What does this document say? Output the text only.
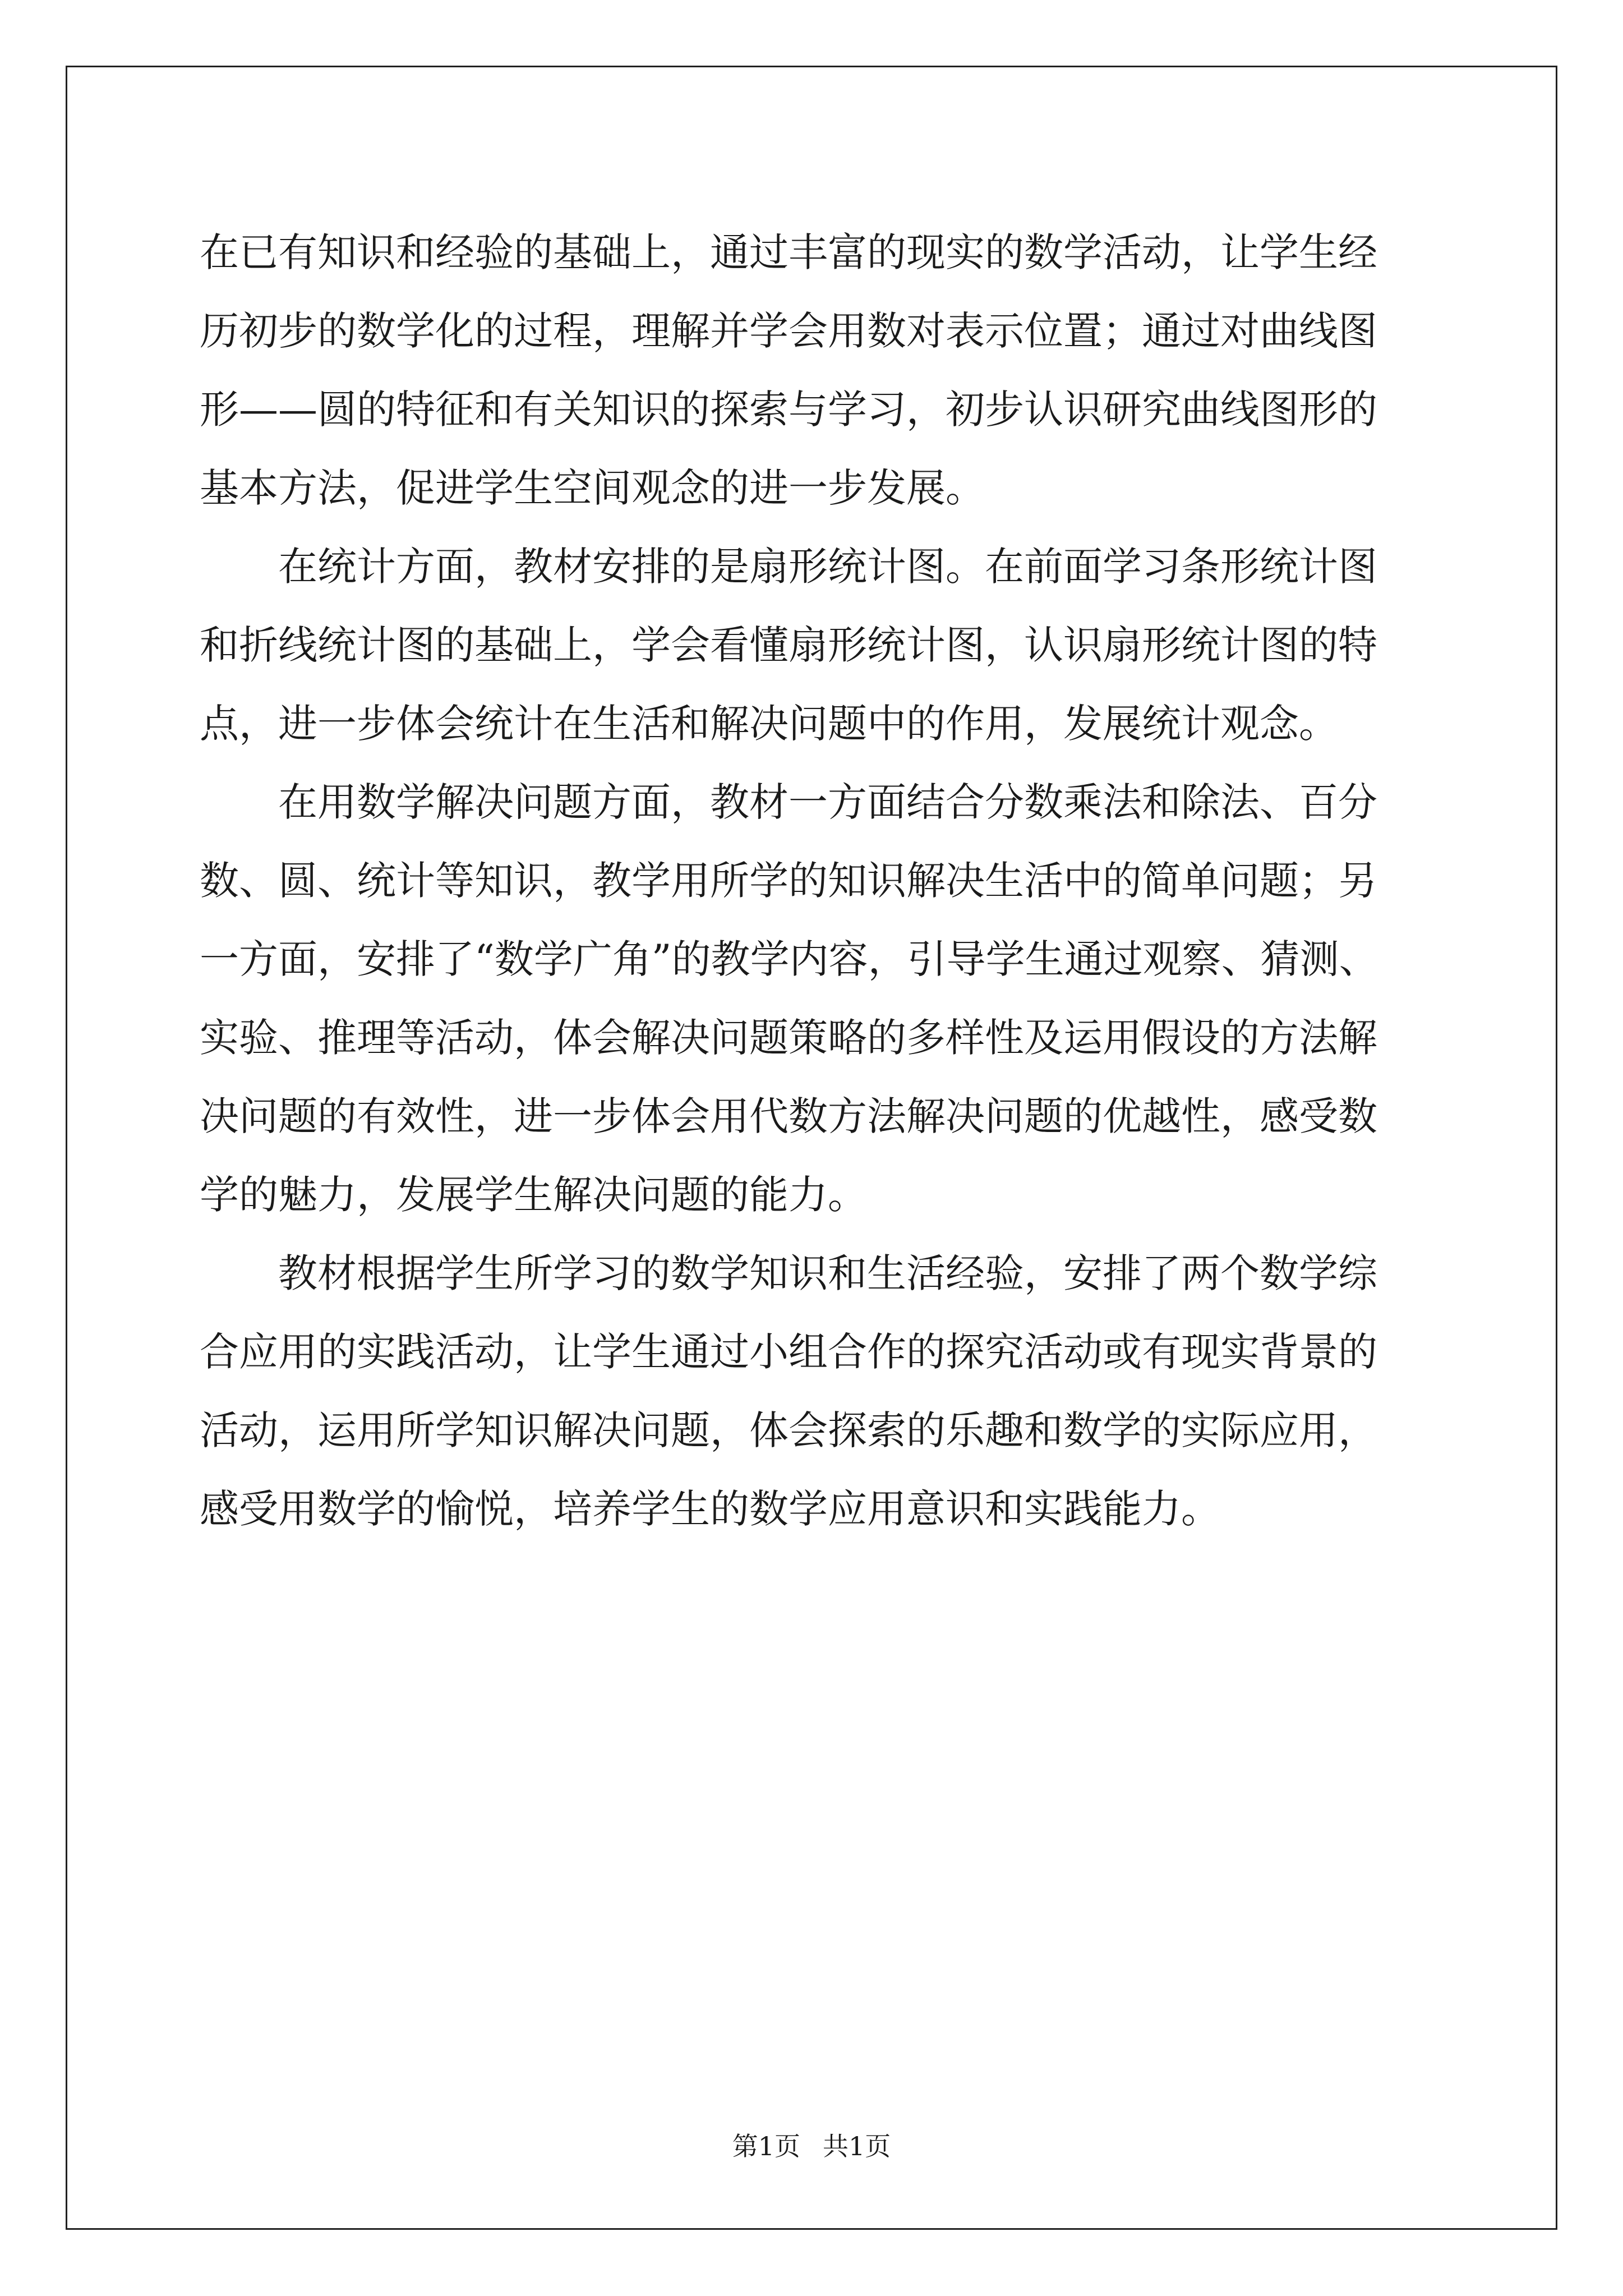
在已有知识和经验的基础上，通过丰富的现实的数学活动，让学生经
历初步的数学化的过程，理解并学会用数对表示位置；通过对曲线图
形——圆的特征和有关知识的探索与学习，初步认识研究曲线图形的
基本方法，促进学生空间观念的进一步发展。
　　在统计方面，教材安排的是扇形统计图。在前面学习条形统计图
和折线统计图的基础上，学会看懂扇形统计图，认识扇形统计图的特
点，进一步体会统计在生活和解决问题中的作用，发展统计观念。
　　在用数学解决问题方面，教材一方面结合分数乘法和除法、百分
数、圆、统计等知识，教学用所学的知识解决生活中的简单问题；另
一方面，安排了“数学广角”的教学内容，引导学生通过观察、猜测、
实验、推理等活动，体会解决问题策略的多样性及运用假设的方法解
决问题的有效性，进一步体会用代数方法解决问题的优越性，感受数
学的魅力，发展学生解决问题的能力。
　　教材根据学生所学习的数学知识和生活经验，安排了两个数学综
合应用的实践活动，让学生通过小组合作的探究活动或有现实背景的
活动，运用所学知识解决问题，体会探索的乐趣和数学的实际应用，
感受用数学的愉悦，培养学生的数学应用意识和实践能力。
第1页 共1页
